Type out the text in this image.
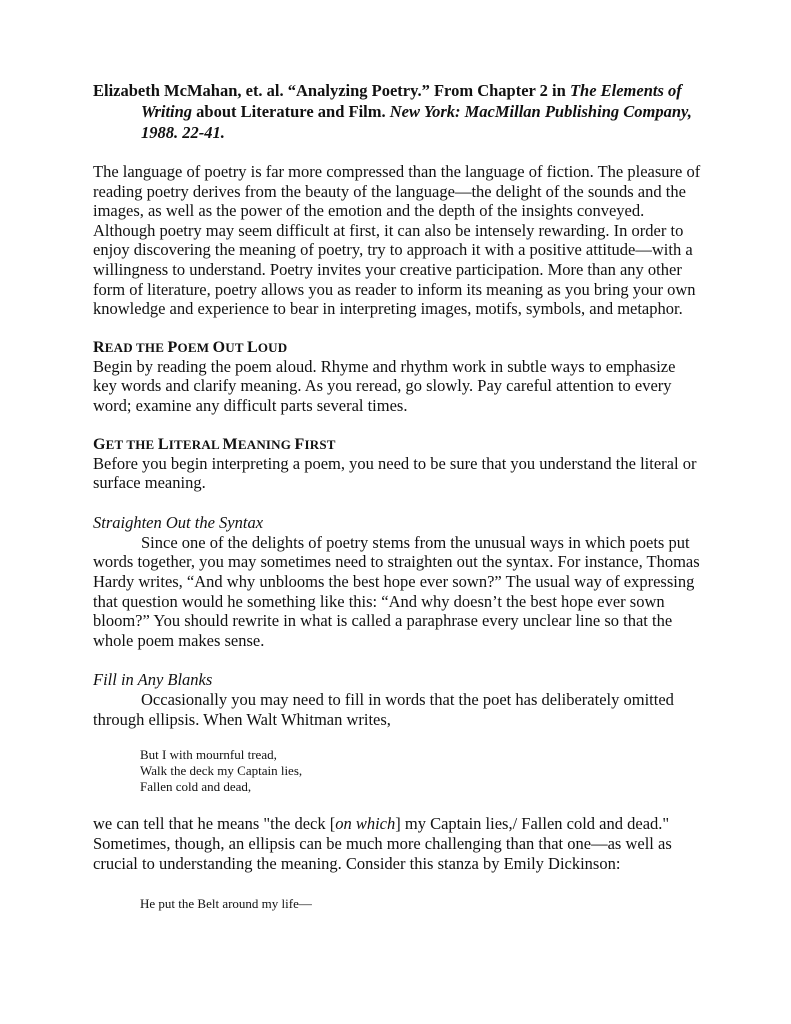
Elizabeth McMahan, et. al. “Analyzing Poetry.” From Chapter 2 in The Elements of Writing about Literature and Film. New York: MacMillan Publishing Company, 1988. 22-41.

The language of poetry is far more compressed than the language of fiction. The pleasure of reading poetry derives from the beauty of the language—the delight of the sounds and the images, as well as the power of the emotion and the depth of the insights conveyed. Although poetry may seem difficult at first, it can also be intensely rewarding. In order to enjoy discovering the meaning of poetry, try to approach it with a positive attitude—with a willingness to understand. Poetry invites your creative participation. More than any other form of literature, poetry allows you as reader to inform its meaning as you bring your own knowledge and experience to bear in interpreting images, motifs, symbols, and metaphor.

READ THE POEM OUT LOUD

Begin by reading the poem aloud. Rhyme and rhythm work in subtle ways to emphasize key words and clarify meaning. As you reread, go slowly. Pay careful attention to every word; examine any difficult parts several times.

GET THE LITERAL MEANING FIRST

Before you begin interpreting a poem, you need to be sure that you understand the literal or surface meaning.

Straighten Out the Syntax

Since one of the delights of poetry stems from the unusual ways in which poets put words together, you may sometimes need to straighten out the syntax. For instance, Thomas Hardy writes, “And why unblooms the best hope ever sown?” The usual way of expressing that question would he something like this: “And why doesn’t the best hope ever sown bloom?” You should rewrite in what is called a paraphrase every unclear line so that the whole poem makes sense.

Fill in Any Blanks

Occasionally you may need to fill in words that the poet has deliberately omitted through ellipsis. When Walt Whitman writes,

But I with mournful tread,
Walk the deck my Captain lies,
Fallen cold and dead,

we can tell that he means "the deck [on which] my Captain lies,/ Fallen cold and dead." Sometimes, though, an ellipsis can be much more challenging than that one—as well as crucial to understanding the meaning. Consider this stanza by Emily Dickinson:

He put the Belt around my life—
